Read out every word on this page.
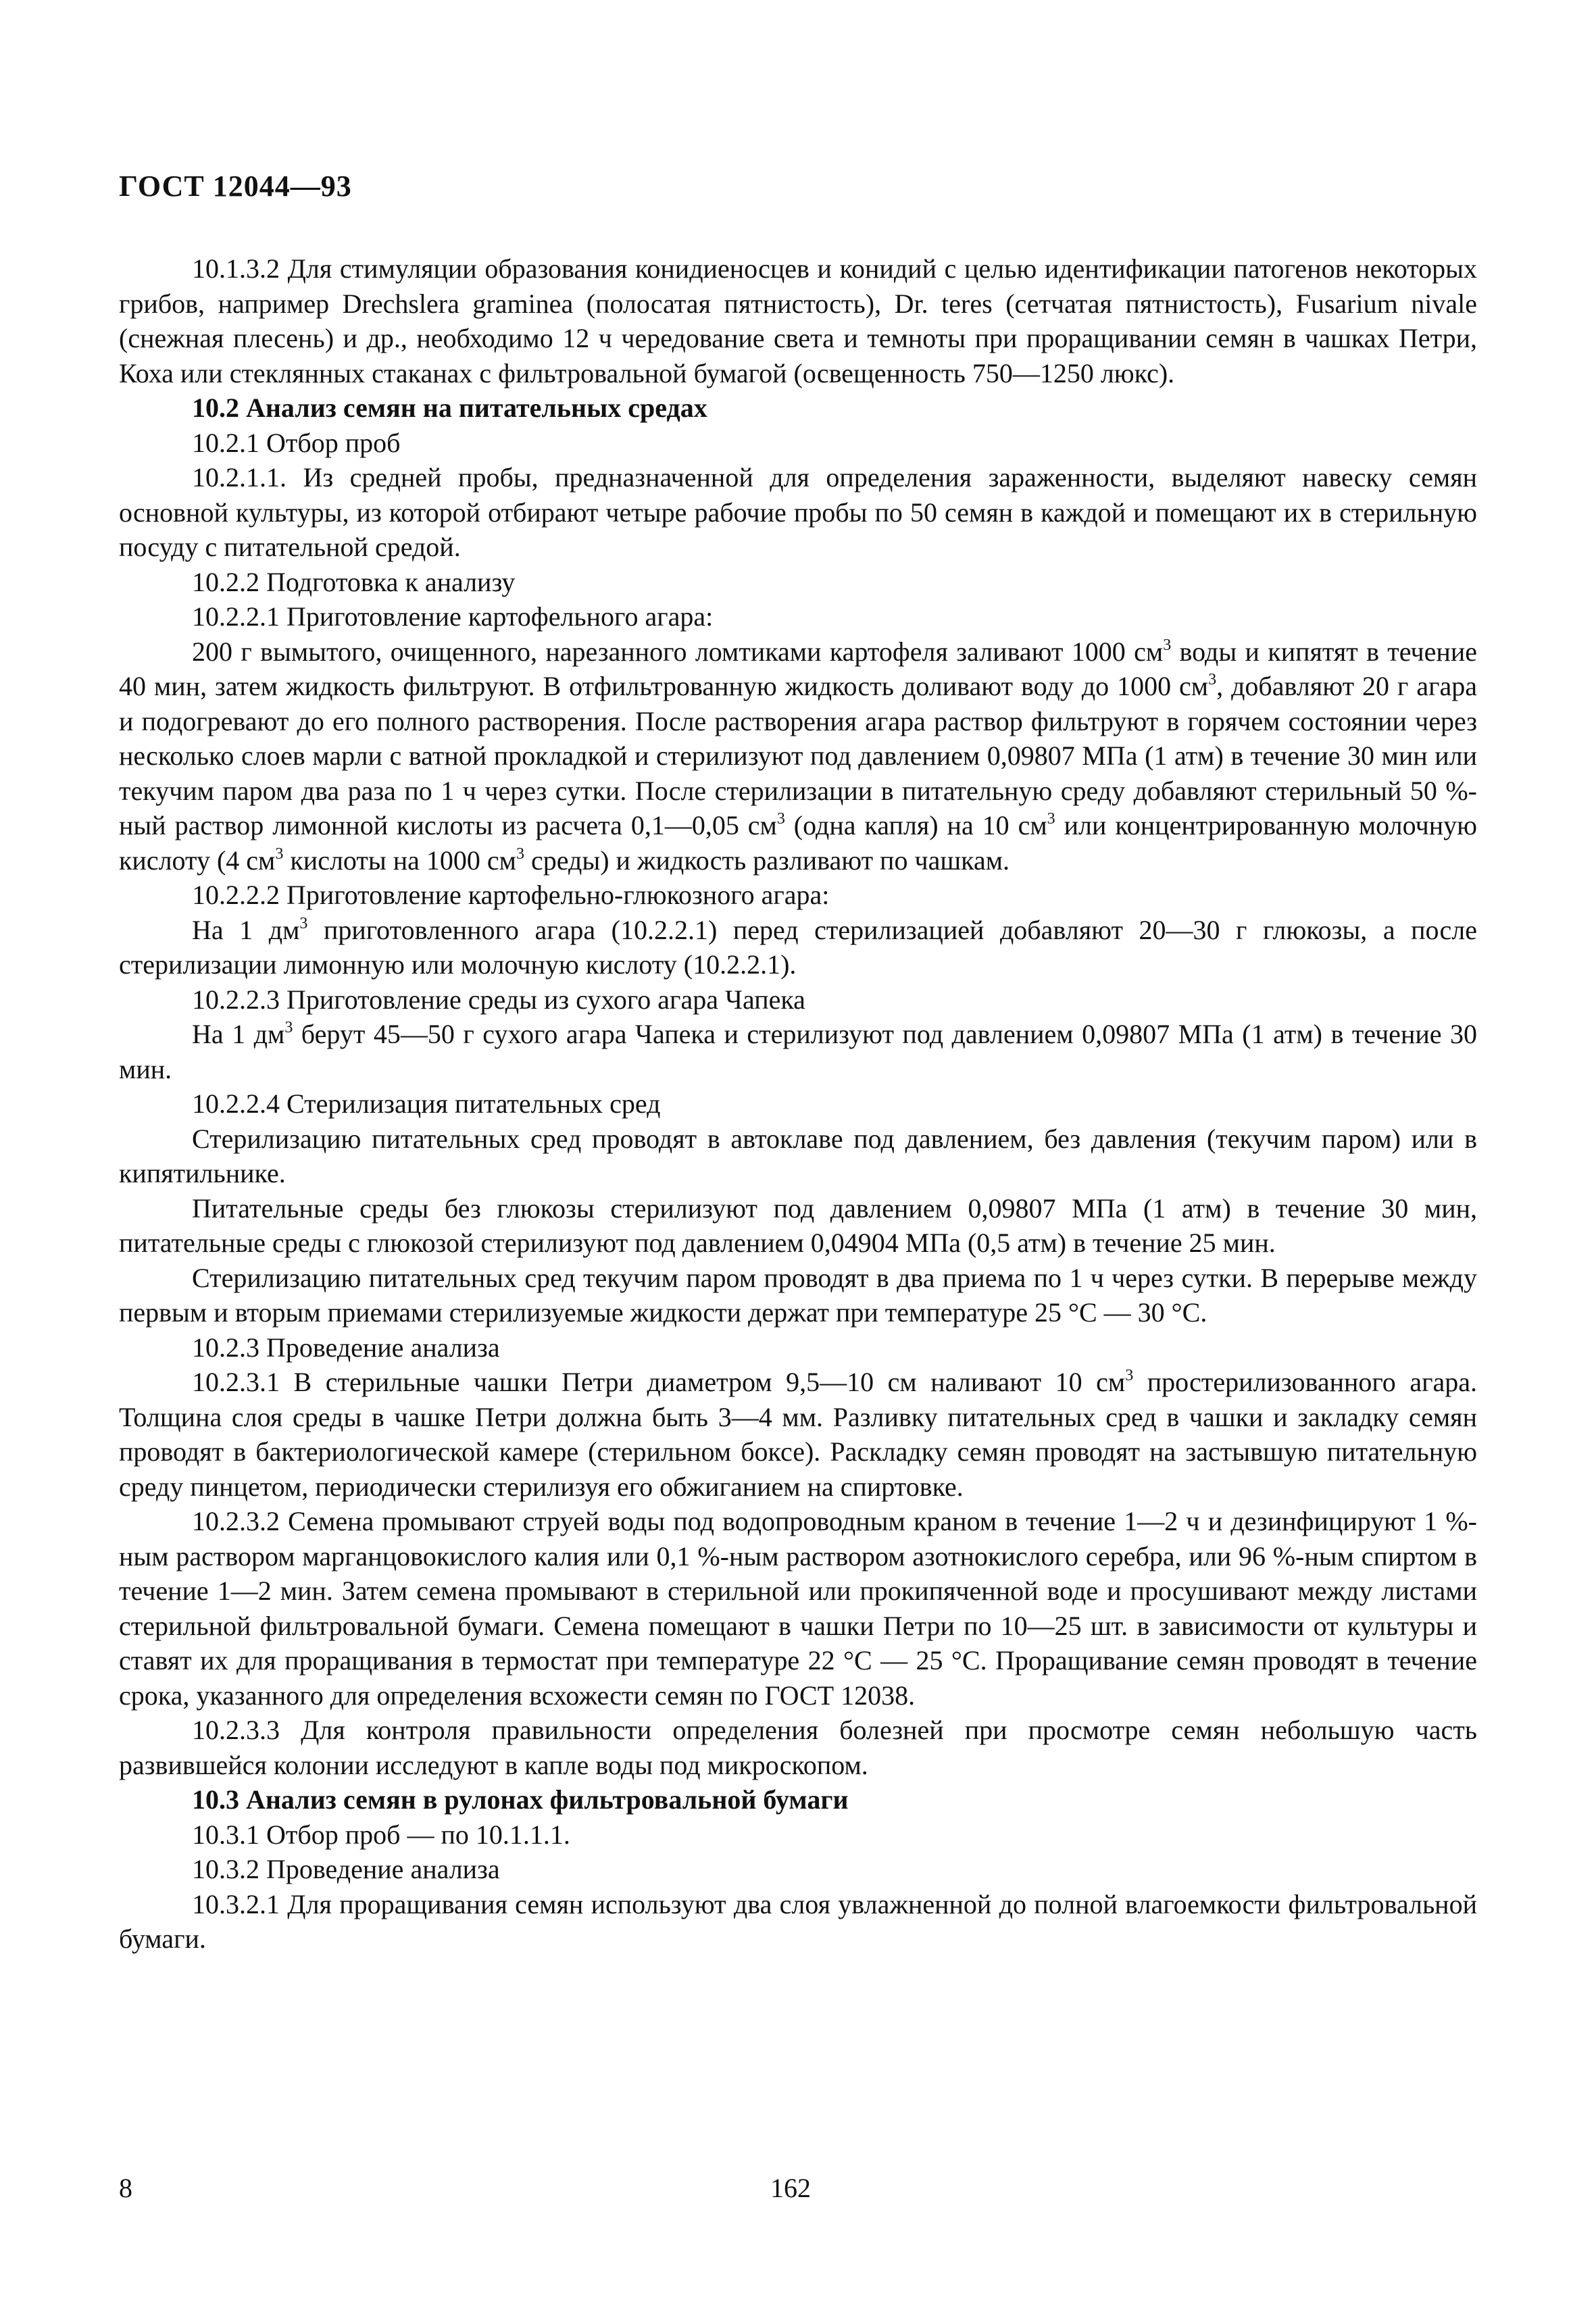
ГОСТ 12044—93

10.1.3.2 Для стимуляции образования конидиеносцев и конидий с целью идентификации патогенов некоторых грибов, например Drechslera graminea (полосатая пятнистость), Dr. teres (сетчатая пятнистость), Fusarium nivale (снежная плесень) и др., необходимо 12 ч чередование света и темноты при проращивании семян в чашках Петри, Коха или стеклянных стаканах с фильтровальной бумагой (освещенность 750—1250 люкс).

10.2 Анализ семян на питательных средах

10.2.1 Отбор проб

10.2.1.1. Из средней пробы, предназначенной для определения зараженности, выделяют навеску семян основной культуры, из которой отбирают четыре рабочие пробы по 50 семян в каждой и помещают их в стерильную посуду с питательной средой.

10.2.2 Подготовка к анализу

10.2.2.1 Приготовление картофельного агара:

200 г вымытого, очищенного, нарезанного ломтиками картофеля заливают 1000 $см^3$ воды и кипятят в течение 40 мин, затем жидкость фильтруют. В отфильтрованную жидкость доливают воду до 1000 $см^3$, добавляют 20 г агара и подогревают до его полного растворения. После растворения агара раствор фильтруют в горячем состоянии через несколько слоев марли с ватной прокладкой и стерилизуют под давлением 0,09807 МПа (1 атм) в течение 30 мин или текучим паром два раза по 1 ч через сутки. После стерилизации в питательную среду добавляют стерильный 50 %-ный раствор лимонной кислоты из расчета 0,1—0,05 $см^3$ (одна капля) на 10 $см^3$ или концентрированную молочную кислоту (4 $см^3$ кислоты на 1000 $см^3$ среды) и жидкость разливают по чашкам.

10.2.2.2 Приготовление картофельно-глюкозного агара:

На 1 $дм^3$ приготовленного агара (10.2.2.1) перед стерилизацией добавляют 20—30 г глюкозы, а после стерилизации лимонную или молочную кислоту (10.2.2.1).

10.2.2.3 Приготовление среды из сухого агара Чапека

На 1 $дм^3$ берут 45—50 г сухого агара Чапека и стерилизуют под давлением 0,09807 МПа (1 атм) в течение 30 мин.

10.2.2.4 Стерилизация питательных сред

Стерилизацию питательных сред проводят в автоклаве под давлением, без давления (текучим паром) или в кипятильнике.

Питательные среды без глюкозы стерилизуют под давлением 0,09807 МПа (1 атм) в течение 30 мин, питательные среды с глюкозой стерилизуют под давлением 0,04904 МПа (0,5 атм) в течение 25 мин.

Стерилизацию питательных сред текучим паром проводят в два приема по 1 ч через сутки. В перерыве между первым и вторым приемами стерилизуемые жидкости держат при температуре 25 °С — 30 °С.

10.2.3 Проведение анализа

10.2.3.1 В стерильные чашки Петри диаметром 9,5—10 см наливают 10 $см^3$ простерилизованного агара. Толщина слоя среды в чашке Петри должна быть 3—4 мм. Разливку питательных сред в чашки и закладку семян проводят в бактериологической камере (стерильном боксе). Раскладку семян проводят на застывшую питательную среду пинцетом, периодически стерилизуя его обжиганием на спиртовке.

10.2.3.2 Семена промывают струей воды под водопроводным краном в течение 1—2 ч и дезинфицируют 1 %-ным раствором марганцовокислого калия или 0,1 %-ным раствором азотнокислого серебра, или 96 %-ным спиртом в течение 1—2 мин. Затем семена промывают в стерильной или прокипяченной воде и просушивают между листами стерильной фильтровальной бумаги. Семена помещают в чашки Петри по 10—25 шт. в зависимости от культуры и ставят их для проращивания в термостат при температуре 22 °С — 25 °С. Проращивание семян проводят в течение срока, указанного для определения всхожести семян по ГОСТ 12038.

10.2.3.3 Для контроля правильности определения болезней при просмотре семян небольшую часть развившейся колонии исследуют в капле воды под микроскопом.

10.3 Анализ семян в рулонах фильтровальной бумаги

10.3.1 Отбор проб — по 10.1.1.1.

10.3.2 Проведение анализа

10.3.2.1 Для проращивания семян используют два слоя увлажненной до полной влагоемкости фильтровальной бумаги.

8	162
